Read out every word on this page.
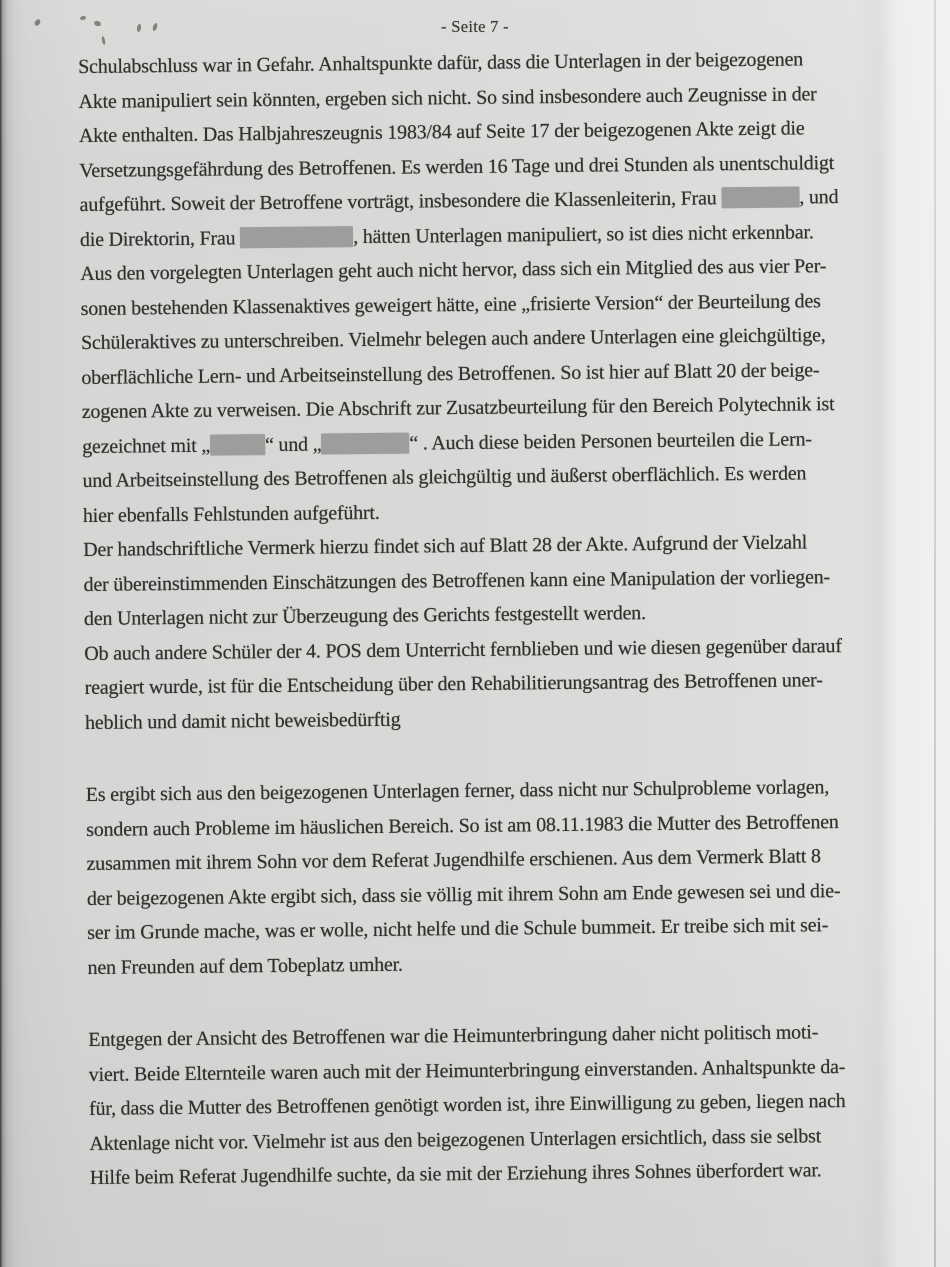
- Seite 7 -
Schulabschluss war in Gefahr. Anhaltspunkte dafür, dass die Unterlagen in der beigezogenen
Akte manipuliert sein könnten, ergeben sich nicht. So sind insbesondere auch Zeugnisse in der
Akte enthalten. Das Halbjahreszeugnis 1983/84 auf Seite 17 der beigezogenen Akte zeigt die
Versetzungsgefährdung des Betroffenen. Es werden 16 Tage und drei Stunden als unentschuldigt
aufgeführt. Soweit der Betroffene vorträgt, insbesondere die Klassenleiterin, Frau	, und
die Direktorin, Frau	, hätten Unterlagen manipuliert, so ist dies nicht erkennbar.
Aus den vorgelegten Unterlagen geht auch nicht hervor, dass sich ein Mitglied des aus vier Per-
sonen bestehenden Klassenaktives geweigert hätte, eine „frisierte Version“ der Beurteilung des
Schüleraktives zu unterschreiben. Vielmehr belegen auch andere Unterlagen eine gleichgültige,
oberflächliche Lern- und Arbeitseinstellung des Betroffenen. So ist hier auf Blatt 20 der beige-
zogenen Akte zu verweisen. Die Abschrift zur Zusatzbeurteilung für den Bereich Polytechnik ist
gezeichnet mit „	“ und „	“ . Auch diese beiden Personen beurteilen die Lern-
und Arbeitseinstellung des Betroffenen als gleichgültig und äußerst oberflächlich. Es werden
hier ebenfalls Fehlstunden aufgeführt.
Der handschriftliche Vermerk hierzu findet sich auf Blatt 28 der Akte. Aufgrund der Vielzahl
der übereinstimmenden Einschätzungen des Betroffenen kann eine Manipulation der vorliegen-
den Unterlagen nicht zur Überzeugung des Gerichts festgestellt werden.
Ob auch andere Schüler der 4. POS dem Unterricht fernblieben und wie diesen gegenüber darauf
reagiert wurde, ist für die Entscheidung über den Rehabilitierungsantrag des Betroffenen uner-
heblich und damit nicht beweisbedürftig
Es ergibt sich aus den beigezogenen Unterlagen ferner, dass nicht nur Schulprobleme vorlagen,
sondern auch Probleme im häuslichen Bereich. So ist am 08.11.1983 die Mutter des Betroffenen
zusammen mit ihrem Sohn vor dem Referat Jugendhilfe erschienen. Aus dem Vermerk Blatt 8
der beigezogenen Akte ergibt sich, dass sie völlig mit ihrem Sohn am Ende gewesen sei und die-
ser im Grunde mache, was er wolle, nicht helfe und die Schule bummeit. Er treibe sich mit sei-
nen Freunden auf dem Tobeplatz umher.
Entgegen der Ansicht des Betroffenen war die Heimunterbringung daher nicht politisch moti-
viert. Beide Elternteile waren auch mit der Heimunterbringung einverstanden. Anhaltspunkte da-
für, dass die Mutter des Betroffenen genötigt worden ist, ihre Einwilligung zu geben, liegen nach
Aktenlage nicht vor. Vielmehr ist aus den beigezogenen Unterlagen ersichtlich, dass sie selbst
Hilfe beim Referat Jugendhilfe suchte, da sie mit der Erziehung ihres Sohnes überfordert war.
